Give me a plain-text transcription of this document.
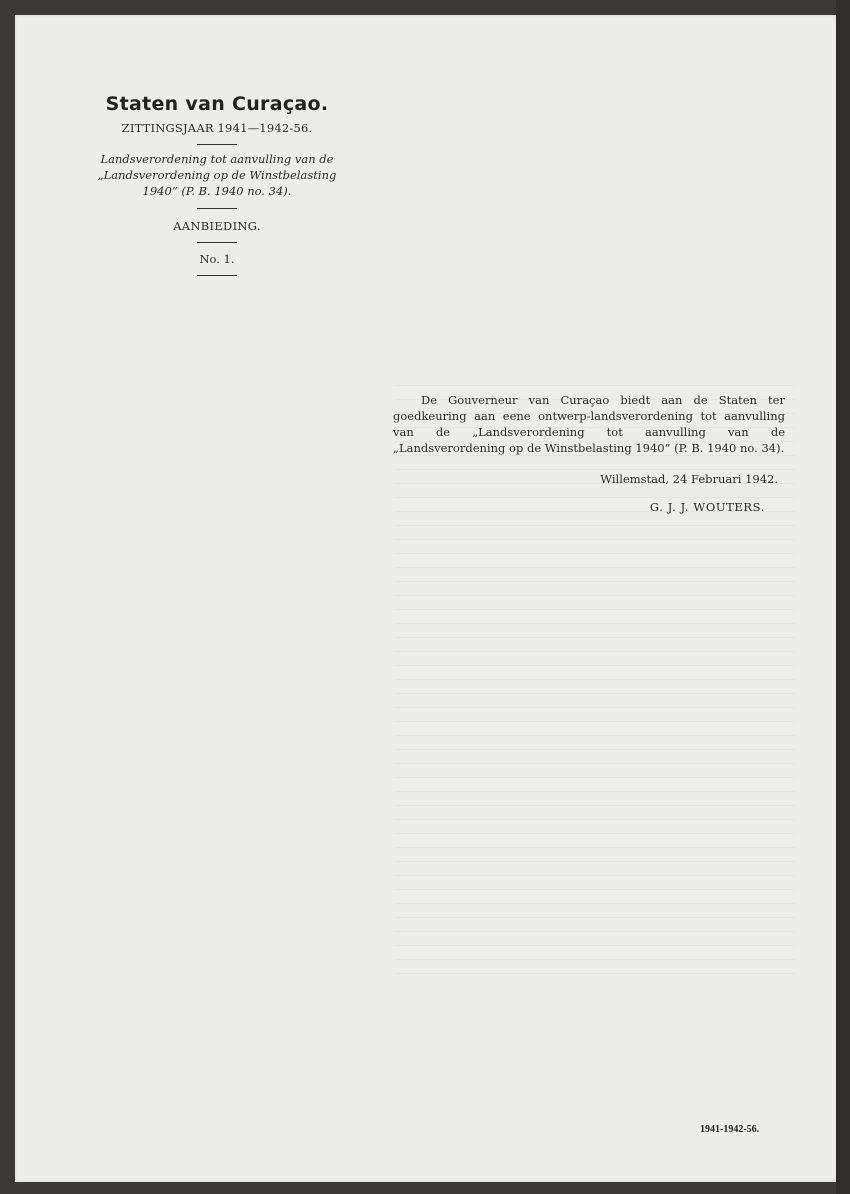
Staten van Curaçao.
ZITTINGSJAAR 1941—1942-56.
Landsverordening tot aanvulling van de
„Landsverordening op de Winstbelasting
1940” (P. B. 1940 no. 34).
AANBIEDING.
No. 1.

De Gouverneur van Curaçao biedt aan de Staten ter goedkeuring aan eene ontwerp-landsverordening tot aanvulling van de „Landsverordening tot aanvulling van de „Landsverordening op de Winstbelasting 1940” (P. B. 1940 no. 34).

Willemstad, 24 Februari 1942.
G. J. J. WOUTERS.
1941-1942-56.
